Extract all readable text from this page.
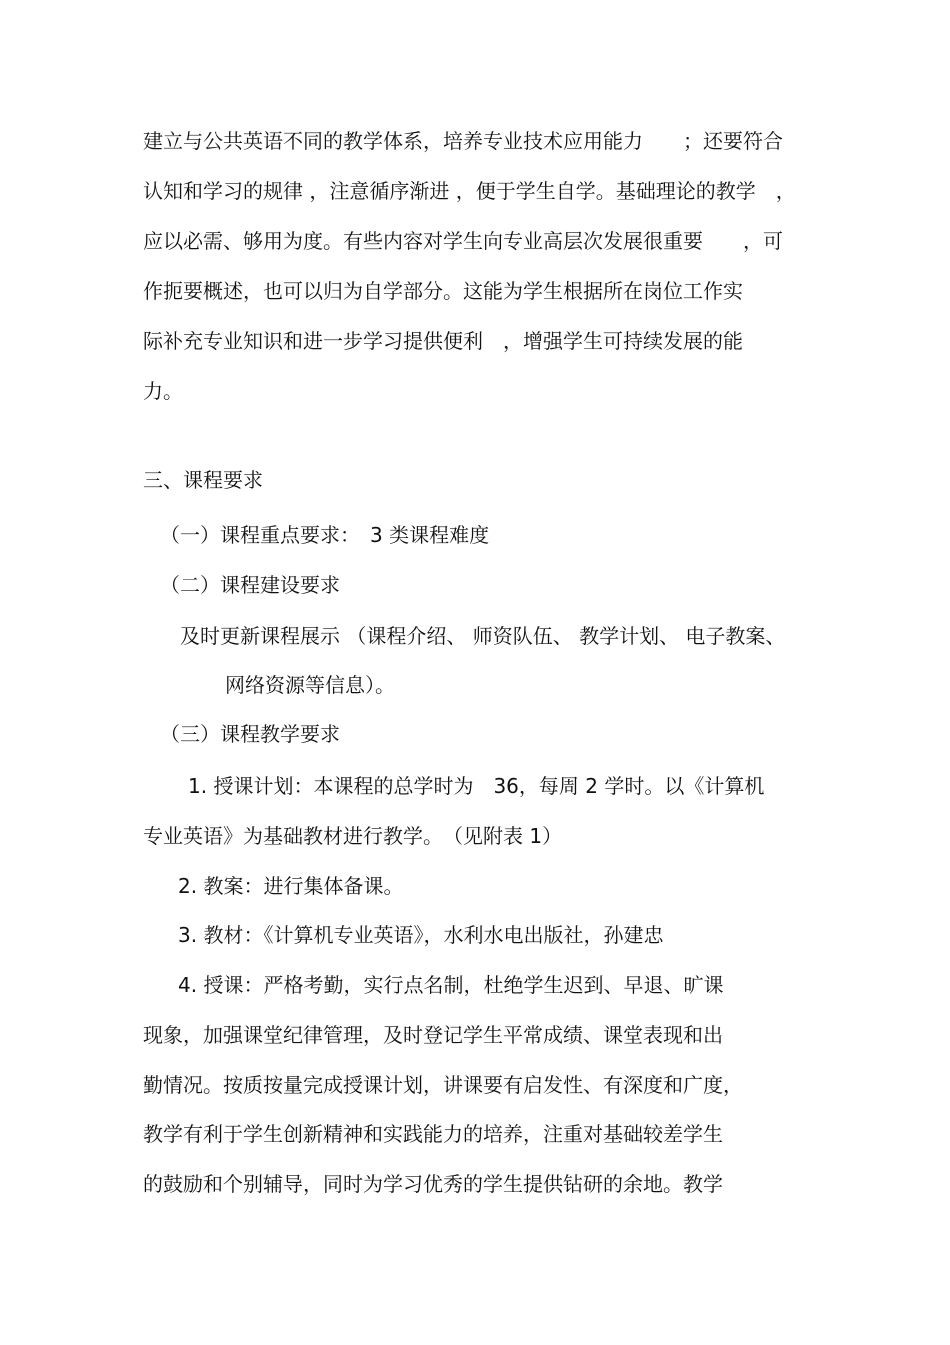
建立与公共英语不同的教学体系，培养专业技术应用能力　　；还要符合
认知和学习的规律 ，注意循序渐进 ，便于学生自学。基础理论的教学　，
应以必需、够用为度。有些内容对学生向专业高层次发展很重要　　，可
作扼要概述，也可以归为自学部分。这能为学生根据所在岗位工作实
际补充专业知识和进一步学习提供便利　，增强学生可持续发展的能
力。
三、课程要求
（一）课程重点要求：　3 类课程难度
（二）课程建设要求
及时更新课程展示 （课程介绍、 师资队伍、 教学计划、 电子教案、
网络资源等信息）。
（三）课程教学要求
1. 授课计划：本课程的总学时为　36，每周 2 学时。以《计算机
专业英语》为基础教材进行教学。　（见附表 1）
2. 教案：进行集体备课。
3. 教材：《计算机专业英语》，水利水电出版社，孙建忠
4. 授课：严格考勤，实行点名制，杜绝学生迟到、早退、旷课
现象，加强课堂纪律管理，及时登记学生平常成绩、课堂表现和出
勤情况。按质按量完成授课计划，讲课要有启发性、有深度和广度，
教学有利于学生创新精神和实践能力的培养，注重对基础较差学生
的鼓励和个别辅导，同时为学习优秀的学生提供钻研的余地。教学
